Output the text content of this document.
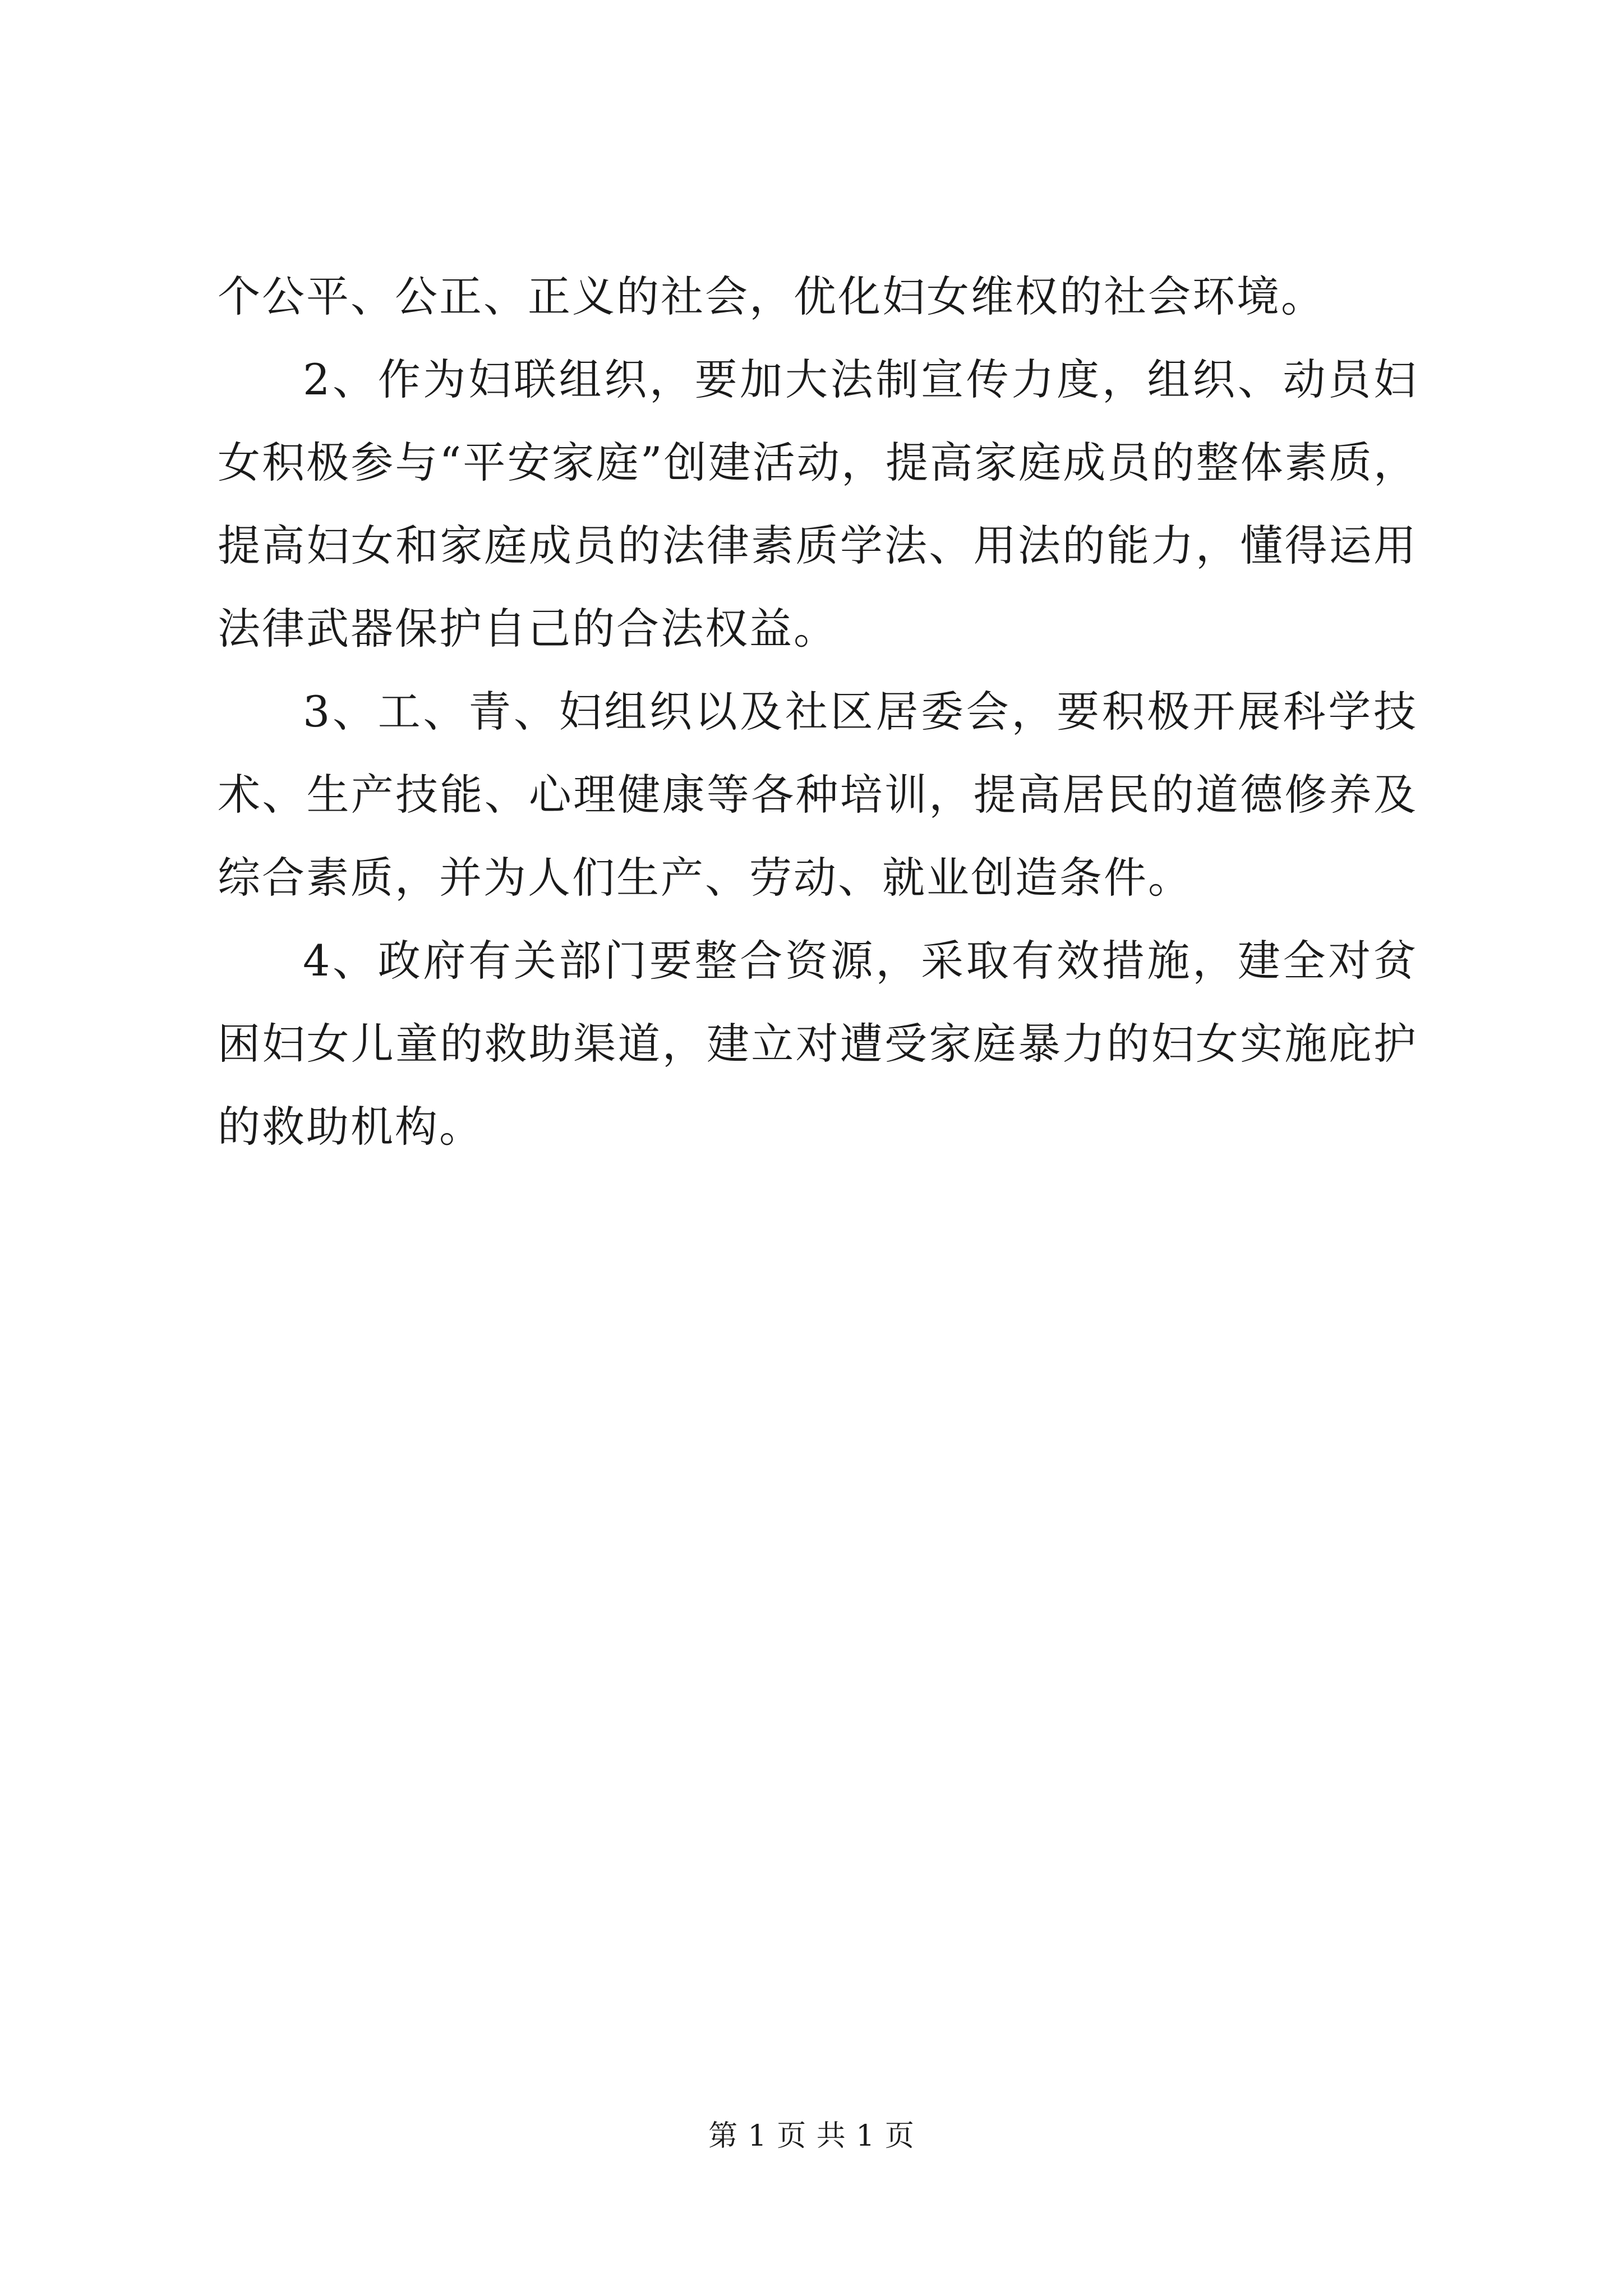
个公平、公正、正义的社会，优化妇女维权的社会环境。

2、作为妇联组织，要加大法制宣传力度，组织、动员妇女积极参与“平安家庭”创建活动，提高家庭成员的整体素质，提高妇女和家庭成员的法律素质学法、用法的能力，懂得运用法律武器保护自己的合法权益。

3、工、青、妇组织以及社区居委会，要积极开展科学技术、生产技能、心理健康等各种培训，提高居民的道德修养及综合素质，并为人们生产、劳动、就业创造条件。

4、政府有关部门要整合资源，采取有效措施，建全对贫困妇女儿童的救助渠道，建立对遭受家庭暴力的妇女实施庇护的救助机构。

第 1 页 共 1 页
